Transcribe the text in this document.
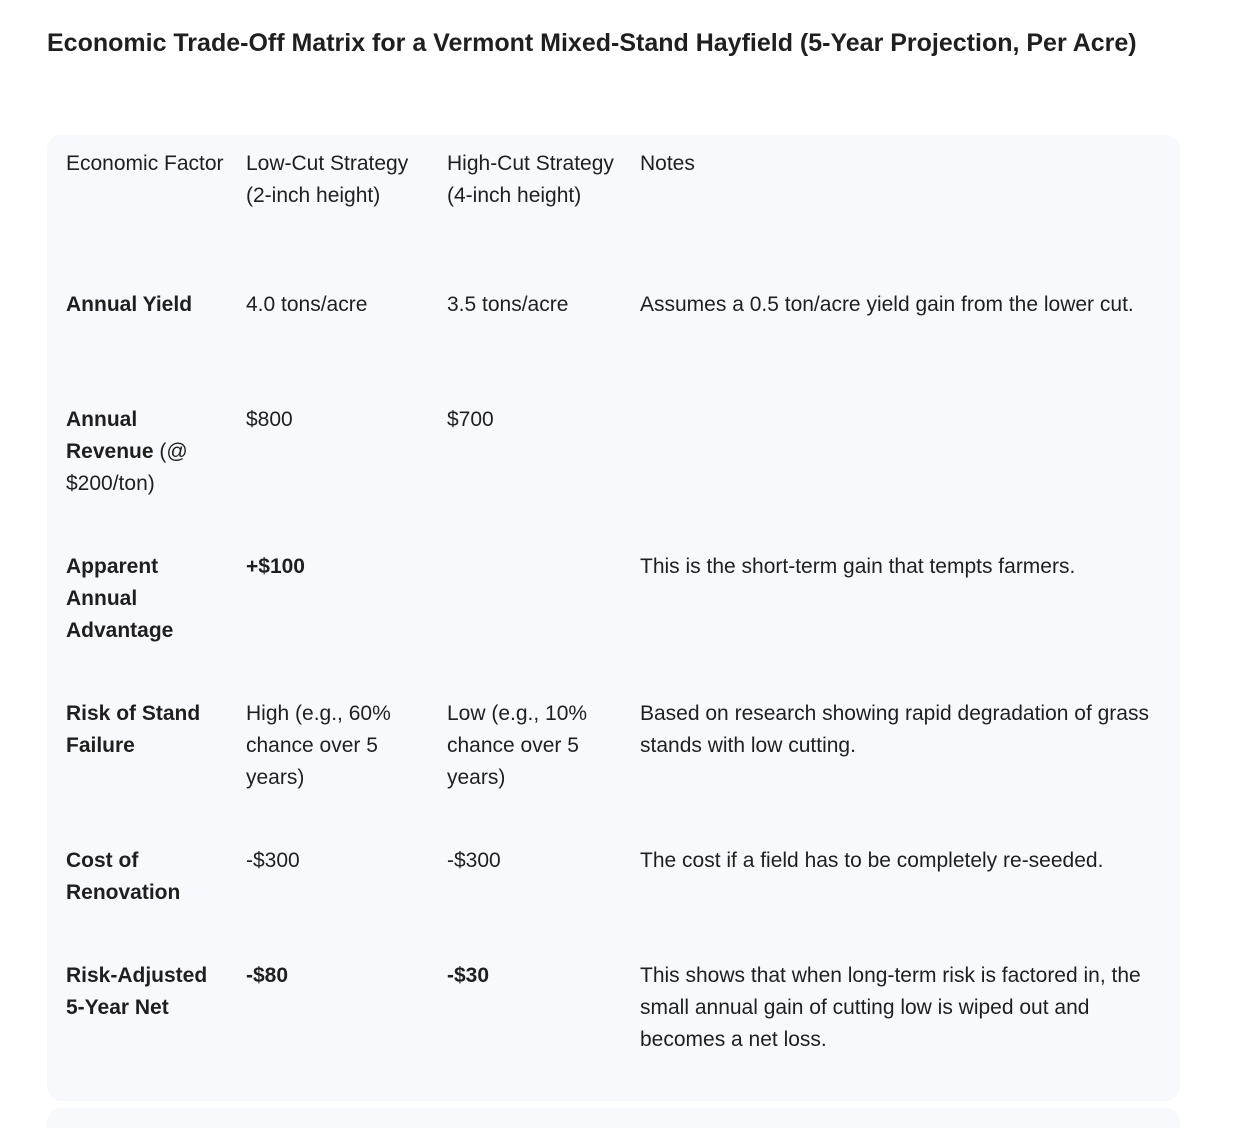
Economic Trade-Off Matrix for a Vermont Mixed-Stand Hayfield (5-Year Projection, Per Acre)
Economic Factor	Low-Cut Strategy (2-inch height)	High-Cut Strategy (4-inch height)	Notes
Annual Yield	4.0 tons/acre	3.5 tons/acre	Assumes a 0.5 ton/acre yield gain from the lower cut.
Annual Revenue (@ $200/ton)	$800	$700	
Apparent Annual Advantage	+$100		This is the short-term gain that tempts farmers.
Risk of Stand Failure	High (e.g., 60% chance over 5 years)	Low (e.g., 10% chance over 5 years)	Based on research showing rapid degradation of grass stands with low cutting.
Cost of Renovation	-$300	-$300	The cost if a field has to be completely re-seeded.
Risk-Adjusted 5-Year Net	-$80	-$30	This shows that when long-term risk is factored in, the small annual gain of cutting low is wiped out and becomes a net loss.
